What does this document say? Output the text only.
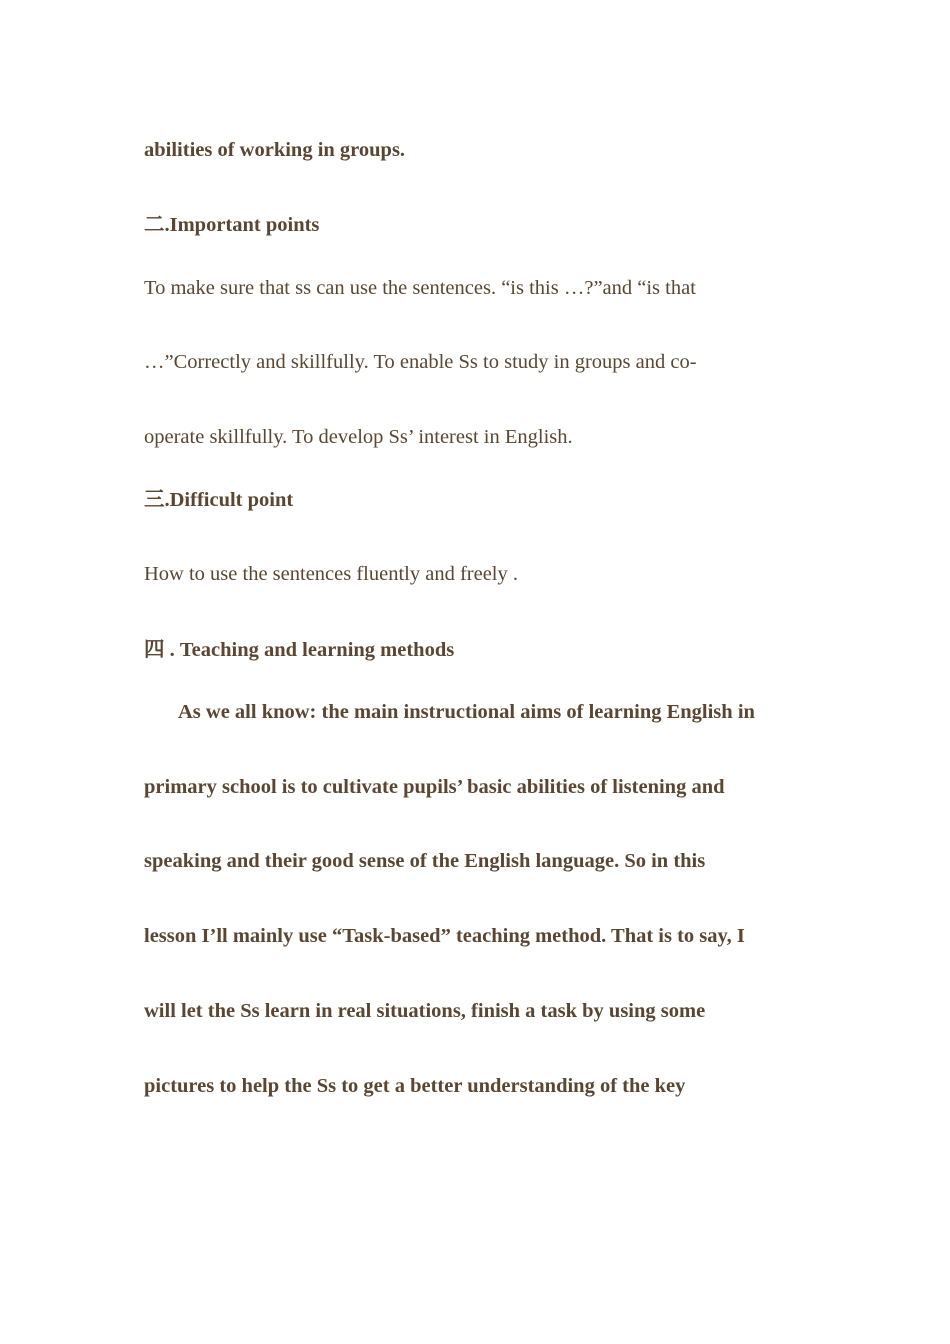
abilities of working in groups.
二.Important points
To make sure that ss can use the sentences. “is this …?”and “is that
…”Correctly and skillfully. To enable Ss to study in groups and co-
operate skillfully. To develop Ss’ interest in English.
三.Difficult point
How to use the sentences fluently and freely .
四 . Teaching and learning methods
As we all know: the main instructional aims of learning English in
primary school is to cultivate pupils’ basic abilities of listening and
speaking and their good sense of the English language. So in this
lesson I’ll mainly use “Task-based” teaching method. That is to say, I
will let the Ss learn in real situations, finish a task by using some
pictures to help the Ss to get a better understanding of the key
